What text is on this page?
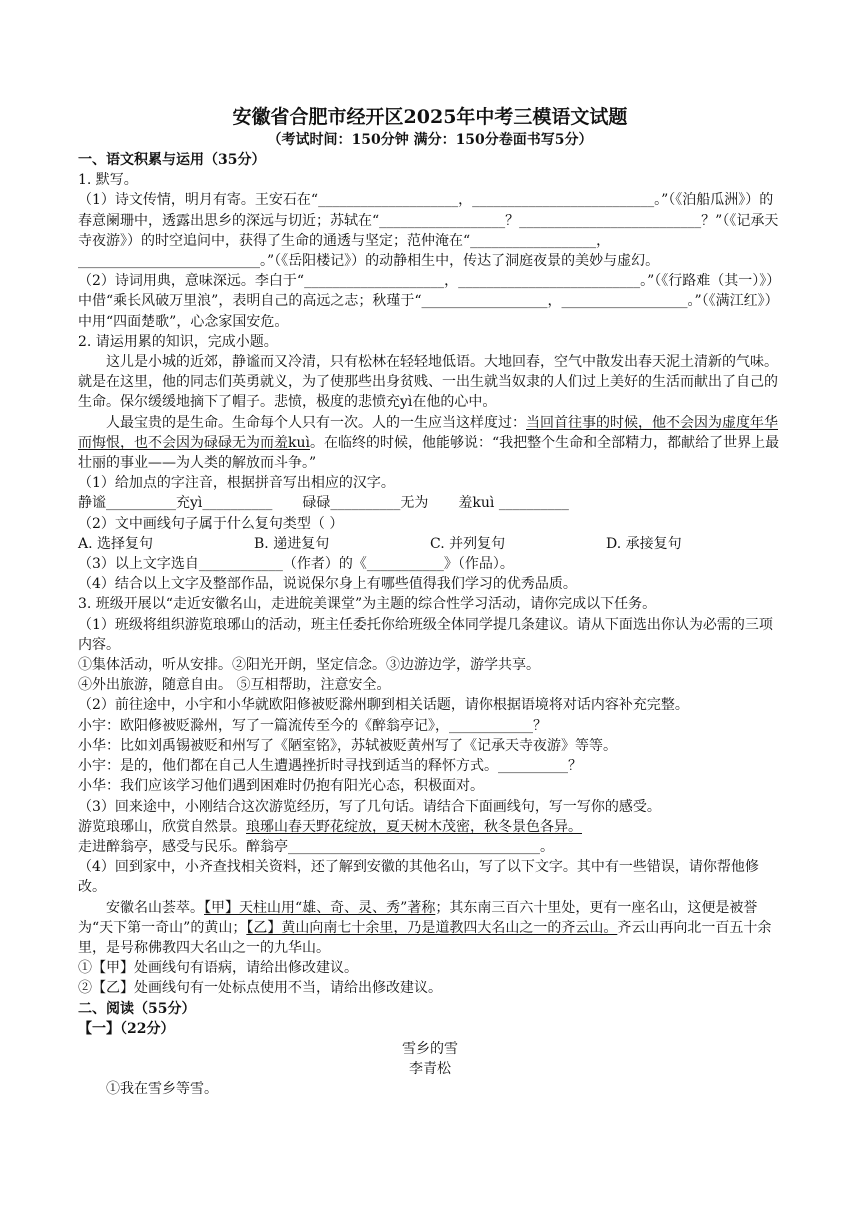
安徽省合肥市经开区2025年中考三模语文试题
（考试时间：150分钟 满分：150分卷面书写5分）
一、语文积累与运用（35分）

1. 默写。

（1）诗文传情，明月有寄。王安石在“____________________，__________________________。”（《泊船瓜洲》）的春意阑珊中，透露出思乡的深远与切近；苏轼在“__________________？__________________________？”（《记承天寺夜游》）的时空追问中，获得了生命的通透与坚定；范仲淹在“__________________，__________________________。”（《岳阳楼记》）的动静相生中，传达了洞庭夜景的美妙与虚幻。

（2）诗词用典，意味深远。李白于“____________________，__________________________。”（《行路难（其一）》）中借“乘长风破万里浪”，表明自己的高远之志；秋瑾于“__________________，__________________。”（《满江红》）中用“四面楚歌”，心念家国安危。

2. 请运用累的知识，完成小题。

这儿是小城的近郊，静谧而又冷清，只有松林在轻轻地低语。大地回春，空气中散发出春天泥土清新的气味。就是在这里，他的同志们英勇就义，为了使那些出身贫贱、一出生就当奴隶的人们过上美好的生活而献出了自己的生命。保尔缓缓地摘下了帽子。悲愤，极度的悲愤充yì在他的心中。

人最宝贵的是生命。生命每个人只有一次。人的一生应当这样度过：当回首往事的时候，他不会因为虚度年华而悔恨，也不会因为碌碌无为而羞kuì。在临终的时候，他能够说：“我把整个生命和全部精力，都献给了世界上最壮丽的事业——为人类的解放而斗争。”

（1）给加点的字注音，根据拼音写出相应的汉字。

静谧__________充yì__________ 碌碌__________无为 羞kuì __________

（2）文中画线句子属于什么复句类型（ ）

A. 选择复句	B. 递进复句	C. 并列复句	D. 承接复句

（3）以上文字选自____________（作者）的《___________》（作品）。

（4）结合以上文字及整部作品，说说保尔身上有哪些值得我们学习的优秀品质。

3. 班级开展以“走近安徽名山，走进皖美课堂”为主题的综合性学习活动，请你完成以下任务。

（1）班级将组织游览琅琊山的活动，班主任委托你给班级全体同学提几条建议。请从下面选出你认为必需的三项内容。

①集体活动，听从安排。②阳光开朗，坚定信念。③边游边学，游学共享。

④外出旅游，随意自由。 ⑤互相帮助，注意安全。

（2）前往途中，小宇和小华就欧阳修被贬滁州聊到相关话题，请你根据语境将对话内容补充完整。

小宇：欧阳修被贬滁州，写了一篇流传至今的《醉翁亭记》，____________？

小华：比如刘禹锡被贬和州写了《陋室铭》，苏轼被贬黄州写了《记承天寺夜游》等等。

小宇：是的，他们都在自己人生遭遇挫折时寻找到适当的释怀方式。__________？

小华：我们应该学习他们遇到困难时仍抱有阳光心态，积极面对。

（3）回来途中，小刚结合这次游览经历，写了几句话。请结合下面画线句，写一写你的感受。

游览琅琊山，欣赏自然景。琅琊山春天野花绽放，夏天树木茂密，秋冬景色各异。

走进醉翁亭，感受与民乐。醉翁亭____________________________________。

（4）回到家中，小齐查找相关资料，还了解到安徽的其他名山，写了以下文字。其中有一些错误，请你帮他修改。

安徽名山荟萃。【甲】天柱山用“雄、奇、灵、秀”著称；其东南三百六十里处，更有一座名山，这便是被誉为“天下第一奇山”的黄山；【乙】黄山向南七十余里，乃是道教四大名山之一的齐云山。齐云山再向北一百五十余里，是号称佛教四大名山之一的九华山。

①【甲】处画线句有语病，请给出修改建议。

②【乙】处画线句有一处标点使用不当，请给出修改建议。

二、阅读（55分）
【一】（22分）
雪乡的雪
李青松

①我在雪乡等雪。
